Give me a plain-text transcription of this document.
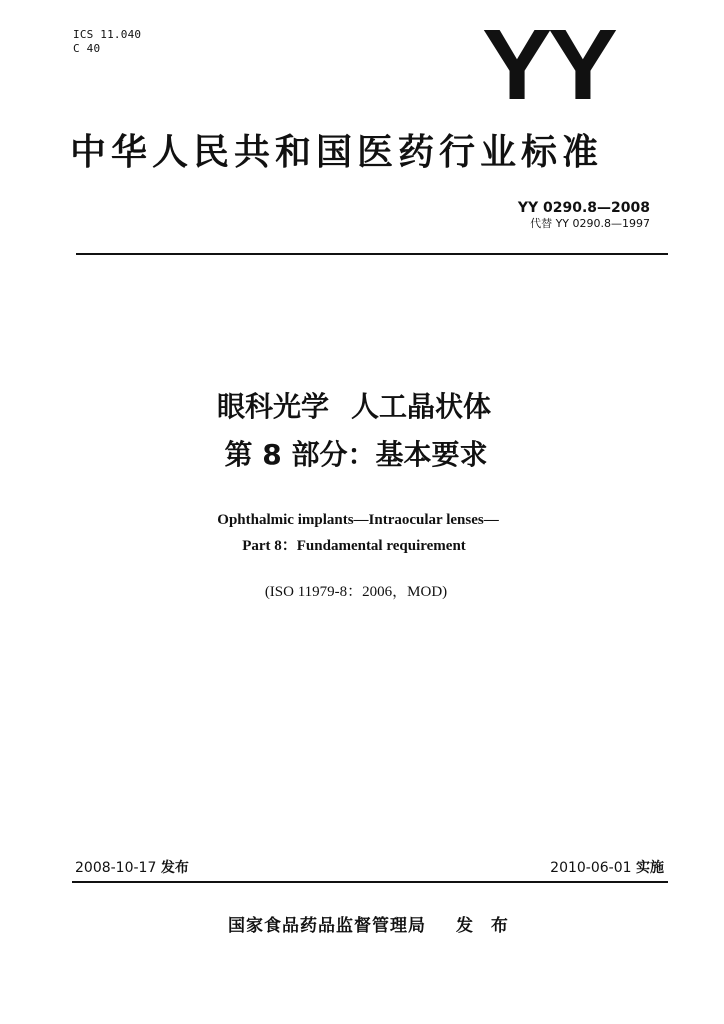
ICS 11.040
C 40	YY
中华人民共和国医药行业标准
YY 0290.8—2008
代替 YY 0290.8—1997
眼科光学 人工晶状体
第 8 部分：基本要求
Ophthalmic implants—Intraocular lenses—
Part 8：Fundamental requirement
(ISO 11979-8：2006，MOD)
2008-10-17 发布	2010-06-01 实施
国家食品药品监督管理局 发 布
